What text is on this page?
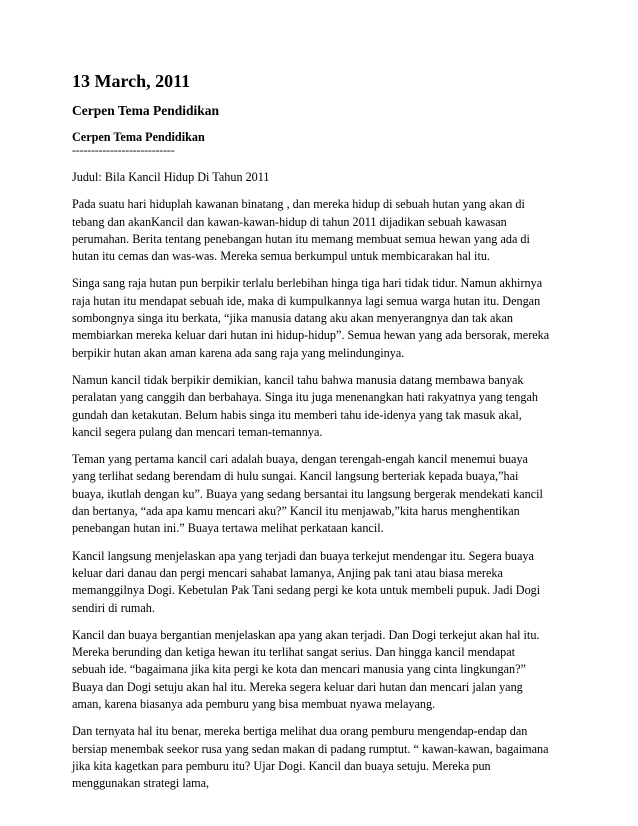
13 March, 2011
Cerpen Tema Pendidikan
Cerpen Tema Pendidikan
---------------------------
Judul: Bila Kancil Hidup Di Tahun 2011
Pada suatu hari hiduplah kawanan binatang , dan mereka hidup di sebuah hutan yang akan di
tebang dan akanKancil dan kawan-kawan-hidup di tahun 2011 dijadikan sebuah kawasan
perumahan. Berita tentang penebangan hutan itu memang membuat semua hewan yang ada di
hutan itu cemas dan was-was. Mereka semua berkumpul untuk membicarakan hal itu.
Singa sang raja hutan pun berpikir terlalu berlebihan hinga tiga hari tidak tidur. Namun akhirnya
raja hutan itu mendapat sebuah ide, maka di kumpulkannya lagi semua warga hutan itu. Dengan
sombongnya singa itu berkata, “jika manusia datang aku akan menyerangnya dan tak akan
membiarkan mereka keluar dari hutan ini hidup-hidup”. Semua hewan yang ada bersorak, mereka
berpikir hutan akan aman karena ada sang raja yang melindunginya.
Namun kancil tidak berpikir demikian, kancil tahu bahwa manusia datang membawa banyak
peralatan yang canggih dan berbahaya. Singa itu juga menenangkan hati rakyatnya yang tengah
gundah dan ketakutan. Belum habis singa itu memberi tahu ide-idenya yang tak masuk akal,
kancil segera pulang dan mencari teman-temannya.
Teman yang pertama kancil cari adalah buaya, dengan terengah-engah kancil menemui buaya
yang terlihat sedang berendam di hulu sungai. Kancil langsung berteriak kepada buaya,”hai
buaya, ikutlah dengan ku”. Buaya yang sedang bersantai itu langsung bergerak mendekati kancil
dan bertanya, “ada apa kamu mencari aku?” Kancil itu menjawab,”kita harus menghentikan
penebangan hutan ini.” Buaya tertawa melihat perkataan kancil.
Kancil langsung menjelaskan apa yang terjadi dan buaya terkejut mendengar itu. Segera buaya
keluar dari danau dan pergi mencari sahabat lamanya, Anjing pak tani atau biasa mereka
memanggilnya Dogi. Kebetulan Pak Tani sedang pergi ke kota untuk membeli pupuk. Jadi Dogi
sendiri di rumah.
Kancil dan buaya bergantian menjelaskan apa yang akan terjadi. Dan Dogi terkejut akan hal itu.
Mereka berunding dan ketiga hewan itu terlihat sangat serius. Dan hingga kancil mendapat
sebuah ide. “bagaimana jika kita pergi ke kota dan mencari manusia yang cinta lingkungan?”
Buaya dan Dogi setuju akan hal itu. Mereka segera keluar dari hutan dan mencari jalan yang
aman, karena biasanya ada pemburu yang bisa membuat nyawa melayang.
Dan ternyata hal itu benar, mereka bertiga melihat dua orang pemburu mengendap-endap dan
bersiap menembak seekor rusa yang sedan makan di padang rumptut. “ kawan-kawan, bagaimana
jika kita kagetkan para pemburu itu? Ujar Dogi. Kancil dan buaya setuju. Mereka pun
menggunakan strategi lama,
